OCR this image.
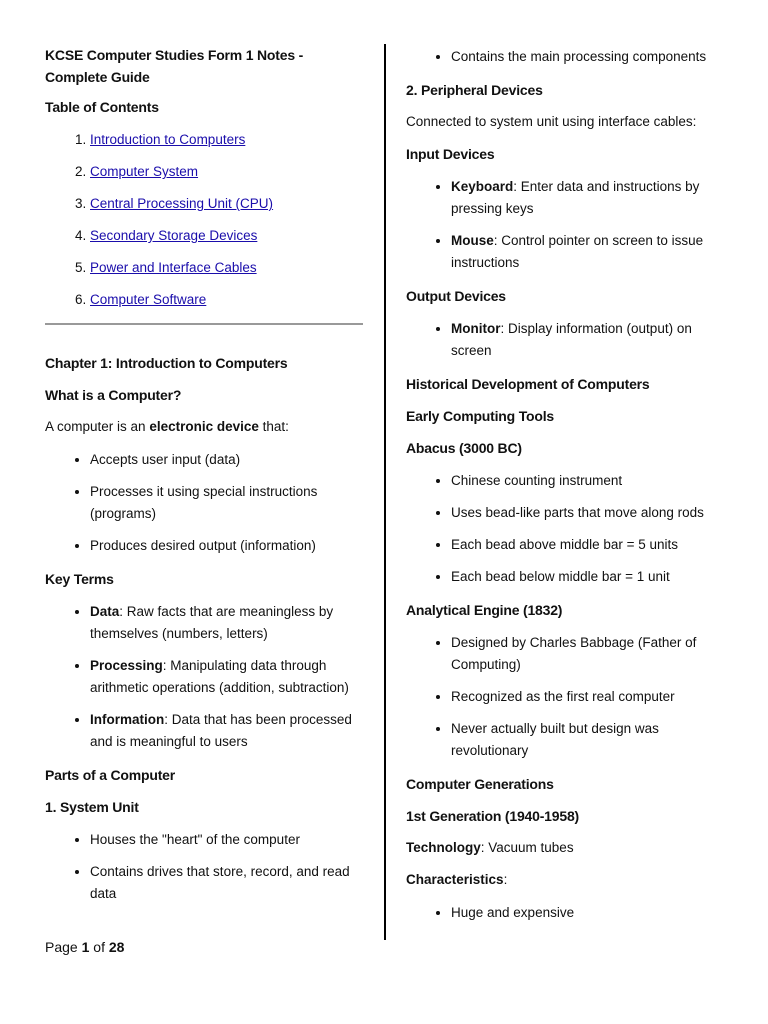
KCSE Computer Studies Form 1 Notes - Complete Guide
Table of Contents
1. Introduction to Computers
2. Computer System
3. Central Processing Unit (CPU)
4. Secondary Storage Devices
5. Power and Interface Cables
6. Computer Software
Chapter 1: Introduction to Computers
What is a Computer?

A computer is an electronic device that:

• Accepts user input (data)
• Processes it using special instructions (programs)
• Produces desired output (information)
Key Terms
• Data: Raw facts that are meaningless by themselves (numbers, letters)
• Processing: Manipulating data through arithmetic operations (addition, subtraction)
• Information: Data that has been processed and is meaningful to users
Parts of a Computer
1. System Unit
• Houses the "heart" of the computer
• Contains drives that store, record, and read data
• Contains the main processing components
2. Peripheral Devices

Connected to system unit using interface cables:

Input Devices
• Keyboard: Enter data and instructions by pressing keys
• Mouse: Control pointer on screen to issue instructions
Output Devices
• Monitor: Display information (output) on screen
Historical Development of Computers
Early Computing Tools
Abacus (3000 BC)
• Chinese counting instrument
• Uses bead-like parts that move along rods
• Each bead above middle bar = 5 units
• Each bead below middle bar = 1 unit
Analytical Engine (1832)
• Designed by Charles Babbage (Father of Computing)
• Recognized as the first real computer
• Never actually built but design was revolutionary
Computer Generations
1st Generation (1940-1958)

Technology: Vacuum tubes

Characteristics:

• Huge and expensive
Page 1 of 28
